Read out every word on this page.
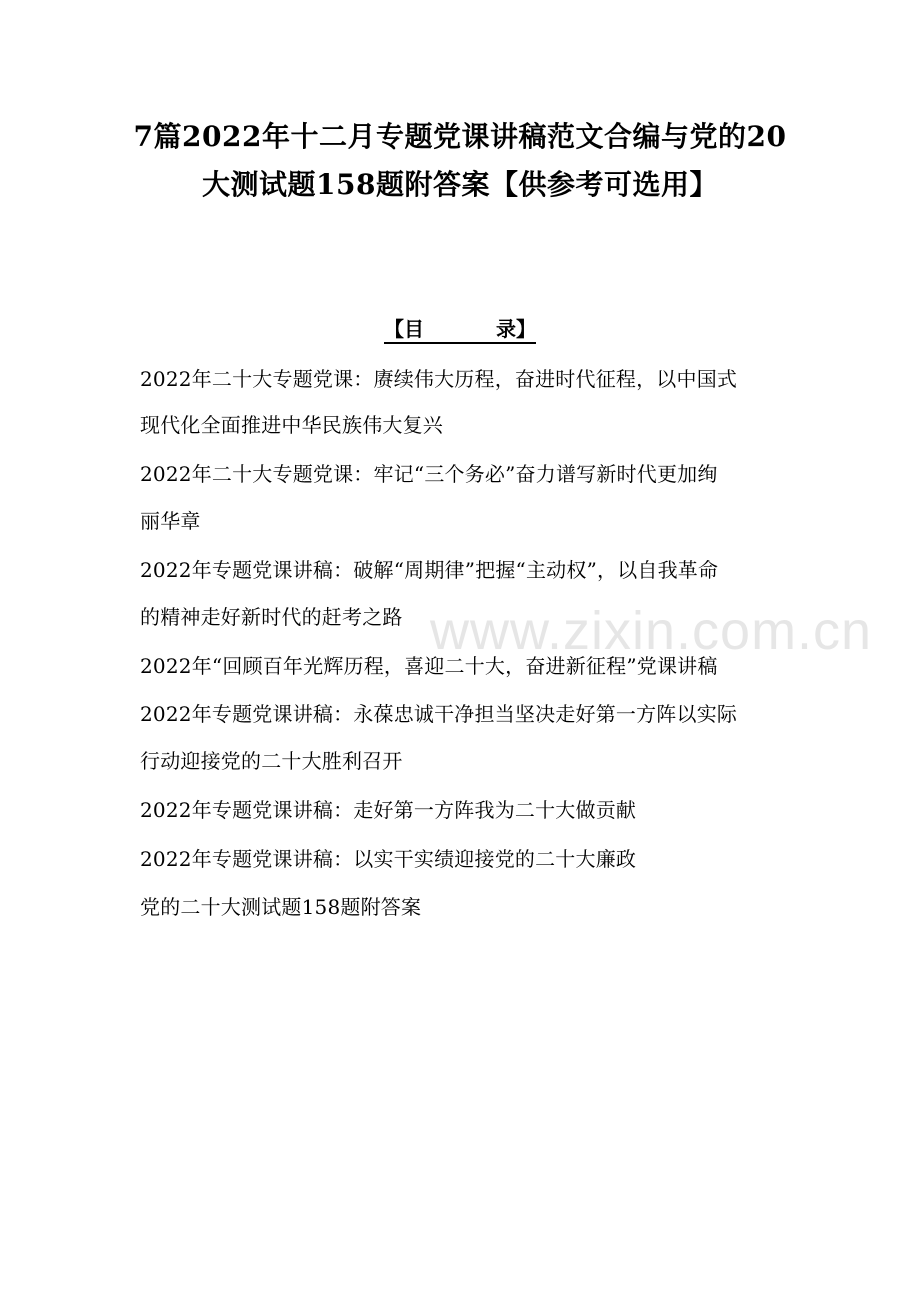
7篇2022年十二月专题党课讲稿范文合编与党的20
大测试题158题附答案【供参考可选用】
【目	录】
2022年二十大专题党课：赓续伟大历程，奋进时代征程，以中国式
现代化全面推进中华民族伟大复兴
2022年二十大专题党课：牢记“三个务必”奋力谱写新时代更加绚
丽华章
2022年专题党课讲稿：破解“周期律”把握“主动权”，以自我革命
的精神走好新时代的赶考之路
2022年“回顾百年光辉历程，喜迎二十大，奋进新征程”党课讲稿
2022年专题党课讲稿：永葆忠诚干净担当坚决走好第一方阵以实际
行动迎接党的二十大胜利召开
2022年专题党课讲稿：走好第一方阵我为二十大做贡献
2022年专题党课讲稿：以实干实绩迎接党的二十大廉政
党的二十大测试题158题附答案
www.zixin.com.cn
